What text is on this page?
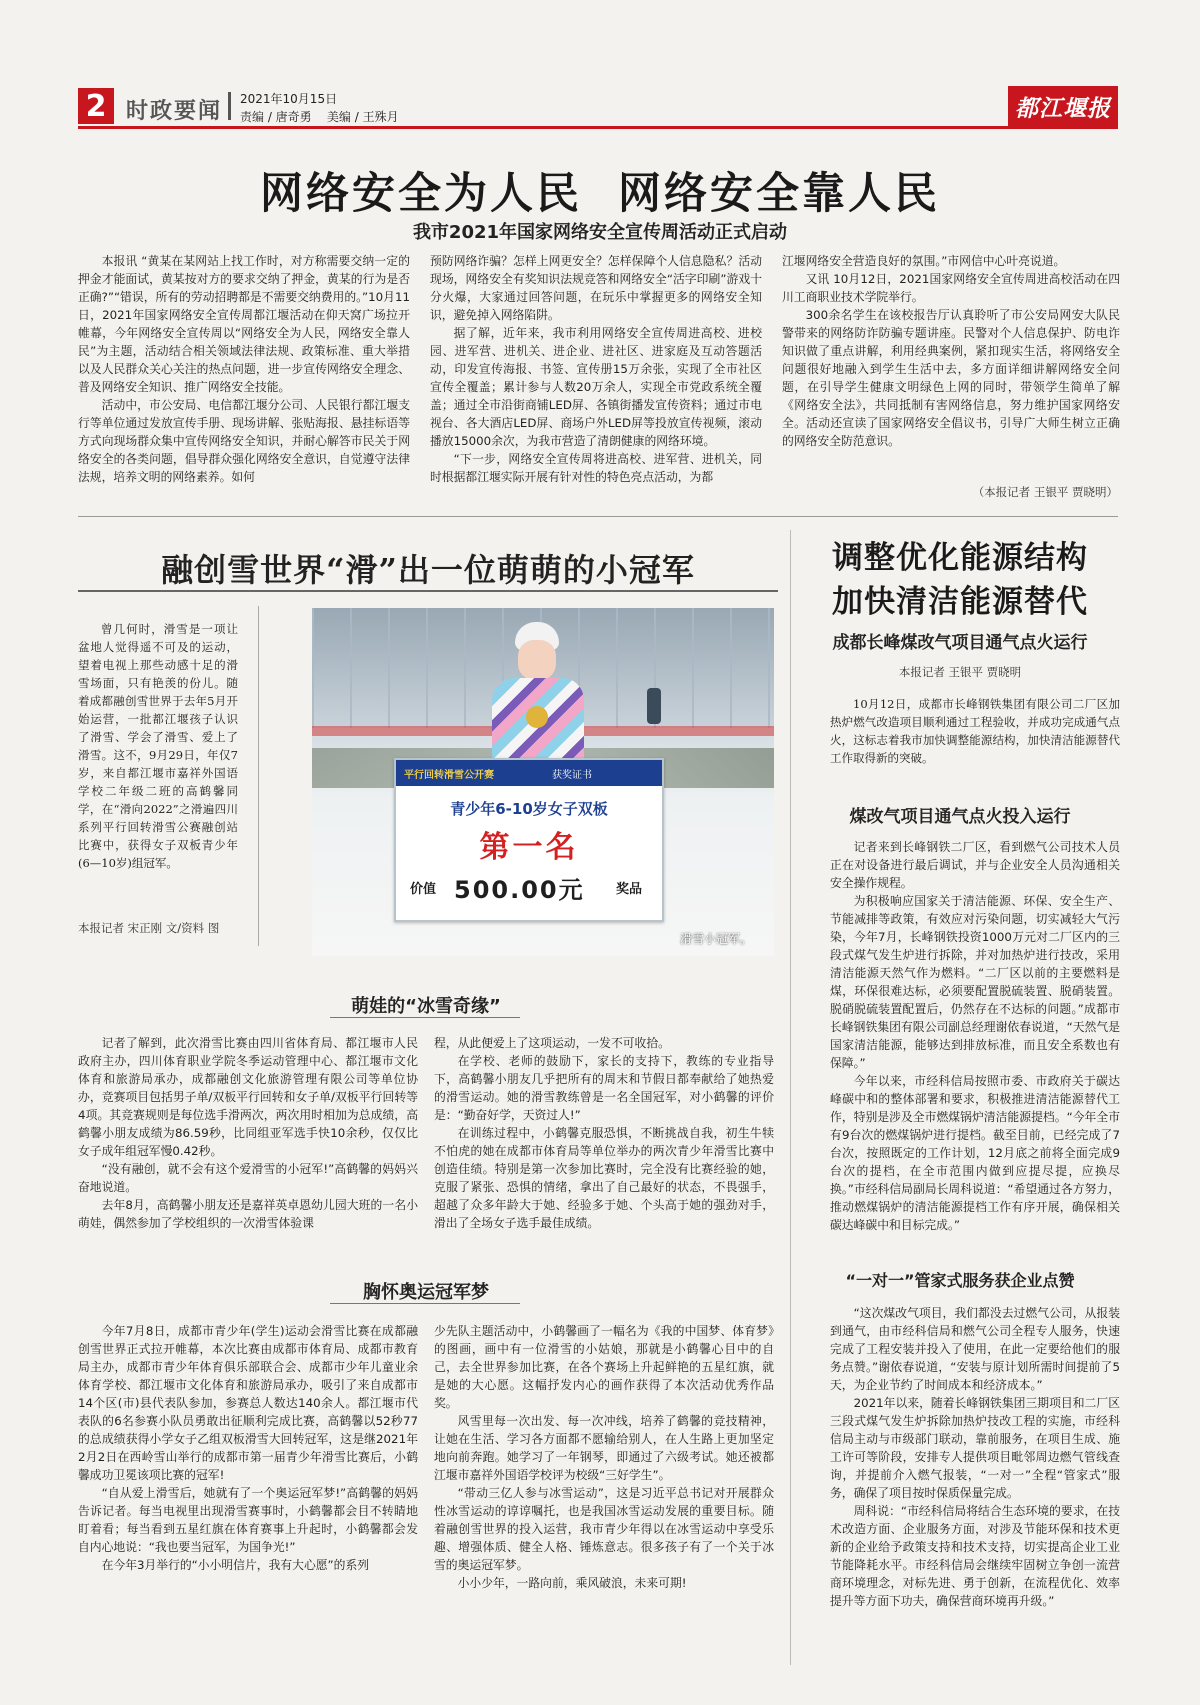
2 时政要闻 2021年10月15日
责编 / 唐奇勇    美编 / 王殊月	都江堰报
网络安全为人民  网络安全靠人民
我市2021年国家网络安全宣传周活动正式启动

本报讯 “黄某在某网站上找工作时，对方称需要交纳一定的押金才能面试，黄某按对方的要求交纳了押金，黄某的行为是否正确?”“错误，所有的劳动招聘都是不需要交纳费用的。”10月11日，2021年国家网络安全宣传周都江堰活动在仰天窝广场拉开帷幕，今年网络安全宣传周以“网络安全为人民，网络安全靠人民”为主题，活动结合相关领域法律法规、政策标准、重大举措以及人民群众关心关注的热点问题，进一步宣传网络安全理念、普及网络安全知识、推广网络安全技能。

活动中，市公安局、电信都江堰分公司、人民银行都江堰支行等单位通过发放宣传手册、现场讲解、张贴海报、悬挂标语等方式向现场群众集中宣传网络安全知识，并耐心解答市民关于网络安全的各类问题，倡导群众强化网络安全意识，自觉遵守法律法规，培养文明的网络素养。如何

预防网络诈骗？怎样上网更安全？怎样保障个人信息隐私？活动现场，网络安全有奖知识法规竞答和网络安全“活字印刷”游戏十分火爆，大家通过回答问题，在玩乐中掌握更多的网络安全知识，避免掉入网络陷阱。

据了解，近年来，我市利用网络安全宣传周进高校、进校园、进军营、进机关、进企业、进社区、进家庭及互动答题活动，印发宣传海报、书签、宣传册15万余张，实现了全市社区宣传全覆盖；累计参与人数20万余人，实现全市党政系统全覆盖；通过全市沿街商铺LED屏、各镇街播发宣传资料；通过市电视台、各大酒店LED屏、商场户外LED屏等投放宣传视频，滚动播放15000余次，为我市营造了清朗健康的网络环境。

“下一步，网络安全宣传周将进高校、进军营、进机关，同时根据都江堰实际开展有针对性的特色亮点活动，为都

江堰网络安全营造良好的氛围。”市网信中心叶亮说道。

又讯 10月12日，2021国家网络安全宣传周进高校活动在四川工商职业技术学院举行。

300余名学生在该校报告厅认真聆听了市公安局网安大队民警带来的网络防诈防骗专题讲座。民警对个人信息保护、防电诈知识做了重点讲解，利用经典案例，紧扣现实生活，将网络安全问题很好地融入到学生生活中去，多方面详细讲解网络安全问题，在引导学生健康文明绿色上网的同时，带领学生简单了解《网络安全法》，共同抵制有害网络信息，努力维护国家网络安全。活动还宣读了国家网络安全倡议书，引导广大师生树立正确的网络安全防范意识。

（本报记者 王银平 贾晓明）
融创雪世界“滑”出一位萌萌的小冠军
曾几何时，滑雪是一项让盆地人觉得遥不可及的运动，望着电视上那些动感十足的滑雪场面，只有艳羡的份儿。随着成都融创雪世界于去年5月开始运营，一批都江堰孩子认识了滑雪、学会了滑雪、爱上了滑雪。这不，9月29日，年仅7岁，来自都江堰市嘉祥外国语学校二年级二班的高鹤馨同学，在“滑向2022”之滑遍四川系列平行回转滑雪公赛融创站比赛中，获得女子双板青少年(6—10岁)组冠军。
本报记者 宋正刚 文/资料 图
平行回转滑雪公开赛	获奖证书
青少年6-10岁女子双板
第一名
价值 500.00元 奖品
滑雪小冠军。
萌娃的“冰雪奇缘”

记者了解到，此次滑雪比赛由四川省体育局、都江堰市人民政府主办，四川体育职业学院冬季运动管理中心、都江堰市文化体育和旅游局承办，成都融创文化旅游管理有限公司等单位协办，竞赛项目包括男子单/双板平行回转和女子单/双板平行回转等4项。其竞赛规则是每位选手滑两次，两次用时相加为总成绩，高鹤馨小朋友成绩为86.59秒，比同组亚军选手快10余秒，仅仅比女子成年组冠军慢0.42秒。

“没有融创，就不会有这个爱滑雪的小冠军!”高鹤馨的妈妈兴奋地说道。

去年8月，高鹤馨小朋友还是嘉祥英卓恩幼儿园大班的一名小萌娃，偶然参加了学校组织的一次滑雪体验课

程，从此便爱上了这项运动，一发不可收拾。

在学校、老师的鼓励下，家长的支持下，教练的专业指导下，高鹤馨小朋友几乎把所有的周末和节假日都奉献给了她热爱的滑雪运动。她的滑雪教练曾是一名全国冠军，对小鹤馨的评价是：“勤奋好学，天资过人!”

在训练过程中，小鹤馨克服恐惧，不断挑战自我，初生牛犊不怕虎的她在成都市体育局等单位举办的两次青少年滑雪比赛中创造佳绩。特别是第一次参加比赛时，完全没有比赛经验的她，克服了紧张、恐惧的情绪，拿出了自己最好的状态，不畏强手，超越了众多年龄大于她、经验多于她、个头高于她的强劲对手，滑出了全场女子选手最佳成绩。

胸怀奥运冠军梦

今年7月8日，成都市青少年(学生)运动会滑雪比赛在成都融创雪世界正式拉开帷幕，本次比赛由成都市体育局、成都市教育局主办，成都市青少年体育俱乐部联合会、成都市少年儿童业余体育学校、都江堰市文化体育和旅游局承办，吸引了来自成都市14个区(市)县代表队参加，参赛总人数达140余人。都江堰市代表队的6名参赛小队员勇敢出征顺利完成比赛，高鹤馨以52秒77的总成绩获得小学女子乙组双板滑雪大回转冠军，这是继2021年2月2日在西岭雪山举行的成都市第一届青少年滑雪比赛后，小鹤馨成功卫冕该项比赛的冠军!

“自从爱上滑雪后，她就有了一个奥运冠军梦!”高鹤馨的妈妈告诉记者。每当电视里出现滑雪赛事时，小鹤馨都会目不转睛地盯着看；每当看到五星红旗在体育赛事上升起时，小鹤馨都会发自内心地说：“我也要当冠军，为国争光!”

在今年3月举行的“小小明信片，我有大心愿”的系列

少先队主题活动中，小鹤馨画了一幅名为《我的中国梦、体育梦》的图画，画中有一位滑雪的小姑娘，那就是小鹤馨心目中的自己，去全世界参加比赛，在各个赛场上升起鲜艳的五星红旗，就是她的大心愿。这幅抒发内心的画作获得了本次活动优秀作品奖。

风雪里每一次出发、每一次冲线，培养了鹤馨的竞技精神，让她在生活、学习各方面都不愿输给别人，在人生路上更加坚定地向前奔跑。她学习了一年钢琴，即通过了六级考试。她还被都江堰市嘉祥外国语学校评为校级“三好学生”。

“带动三亿人参与冰雪运动”，这是习近平总书记对开展群众性冰雪运动的谆谆嘱托，也是我国冰雪运动发展的重要目标。随着融创雪世界的投入运营，我市青少年得以在冰雪运动中享受乐趣、增强体质、健全人格、锤炼意志。很多孩子有了一个关于冰雪的奥运冠军梦。

小小少年，一路向前，乘风破浪，未来可期!

调整优化能源结构
加快清洁能源替代
成都长峰煤改气项目通气点火运行
本报记者 王银平 贾晓明
10月12日，成都市长峰钢铁集团有限公司二厂区加热炉燃气改造项目顺利通过工程验收，并成功完成通气点火，这标志着我市加快调整能源结构，加快清洁能源替代工作取得新的突破。
煤改气项目通气点火投入运行

记者来到长峰钢铁二厂区，看到燃气公司技术人员正在对设备进行最后调试，并与企业安全人员沟通相关安全操作规程。

为积极响应国家关于清洁能源、环保、安全生产、节能减排等政策，有效应对污染问题，切实减轻大气污染，今年7月，长峰钢铁投资1000万元对二厂区内的三段式煤气发生炉进行拆除，并对加热炉进行技改，采用清洁能源天然气作为燃料。“二厂区以前的主要燃料是煤，环保很难达标，必须要配置脱硫装置、脱硝装置。脱硝脱硫装置配置后，仍然存在不达标的问题。”成都市长峰钢铁集团有限公司副总经理谢依春说道，“天然气是国家清洁能源，能够达到排放标准，而且安全系数也有保障。”

今年以来，市经科信局按照市委、市政府关于碳达峰碳中和的整体部署和要求，积极推进清洁能源替代工作，特别是涉及全市燃煤锅炉清洁能源提档。“今年全市有9台次的燃煤锅炉进行提档。截至目前，已经完成了7台次，按照既定的工作计划，12月底之前将全面完成9台次的提档，在全市范围内做到应提尽提，应换尽换。”市经科信局副局长周科说道：“希望通过各方努力，推动燃煤锅炉的清洁能源提档工作有序开展，确保相关碳达峰碳中和目标完成。”

“一对一”管家式服务获企业点赞

“这次煤改气项目，我们都没去过燃气公司，从报装到通气，由市经科信局和燃气公司全程专人服务，快速完成了工程安装并投入了使用，在此一定要给他们的服务点赞。”谢依春说道，“安装与原计划所需时间提前了5天，为企业节约了时间成本和经济成本。”

2021年以来，随着长峰钢铁集团三期项目和二厂区三段式煤气发生炉拆除加热炉技改工程的实施，市经科信局主动与市级部门联动，靠前服务，在项目生成、施工许可等阶段，安排专人提供项目毗邻周边燃气管线查询，并提前介入燃气报装，“一对一”全程“管家式”服务，确保了项目按时保质保量完成。

周科说：“市经科信局将结合生态环境的要求，在技术改造方面、企业服务方面，对涉及节能环保和技术更新的企业给予政策支持和技术支持，切实提高企业工业节能降耗水平。市经科信局会继续牢固树立争创一流营商环境理念，对标先进、勇于创新，在流程优化、效率提升等方面下功夫，确保营商环境再升级。”
